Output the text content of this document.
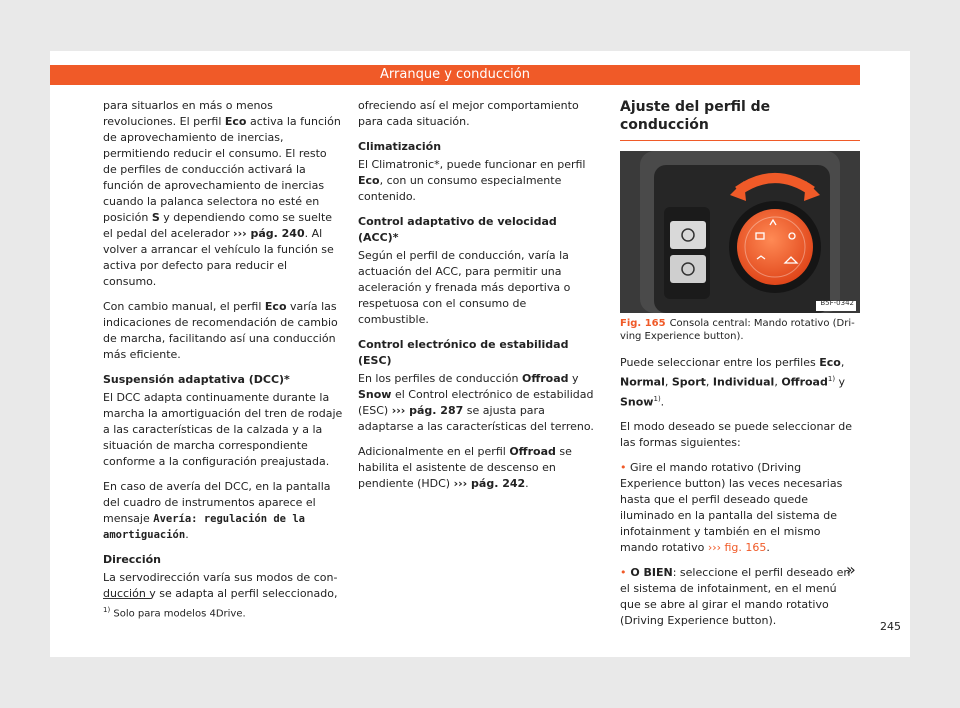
Arranque y conducción

para situarlos en más o menos revoluciones. El perfil Eco activa la función de aprovechamiento de inercias, permitiendo reducir el consumo. El resto de perfiles de conducción activará la función de aprovechamiento de inercias cuando la palanca selectora no esté en posición S y dependiendo como se suelte el pedal del acelerador ››› pág. 240. Al volver a arrancar el vehículo la función se activa por defecto para reducir el consumo.

Con cambio manual, el perfil Eco varía las indicaciones de recomendación de cambio de marcha, facilitando así una conducción más eficiente.

Suspensión adaptativa (DCC)*

El DCC adapta continuamente durante la marcha la amortiguación del tren de rodaje a las características de la calzada y a la situación de marcha correspondiente conforme a la configuración preajustada.

En caso de avería del DCC, en la pantalla del cuadro de instrumentos aparece el mensaje Avería: regulación de la amortiguación.

Dirección

La servodirección varía sus modos de conducción y se adapta al perfil seleccionado,

ofreciendo así el mejor comportamiento para cada situación.

Climatización

El Climatronic*, puede funcionar en perfil Eco, con un consumo especialmente contenido.

Control adaptativo de velocidad (ACC)*

Según el perfil de conducción, varía la actuación del ACC, para permitir una aceleración y frenada más deportiva o respetuosa con el consumo de combustible.

Control electrónico de estabilidad (ESC)

En los perfiles de conducción Offroad y Snow el Control electrónico de estabilidad (ESC) ››› pág. 287 se ajusta para adaptarse a las características del terreno.

Adicionalmente en el perfil Offroad se habilita el asistente de descenso en pendiente (HDC) ››› pág. 242.

Ajuste del perfil de conducción
B5F-0342
Fig. 165 Consola central: Mando rotativo (Driving Experience button).

Puede seleccionar entre los perfiles Eco, Normal, Sport, Individual, Offroad$^{1)}$ y Snow$^{1)}$.

El modo deseado se puede seleccionar de las formas siguientes:

• Gire el mando rotativo (Driving Experience button) las veces necesarias hasta que el perfil deseado quede iluminado en la pantalla del sistema de infotainment y también en el mismo mando rotativo ››› fig. 165.

• O BIEN: seleccione el perfil deseado en el sistema de infotainment, en el menú que se abre al girar el mando rotativo (Driving Experience button).

»
$^{1)}$ Solo para modelos 4Drive.
245
